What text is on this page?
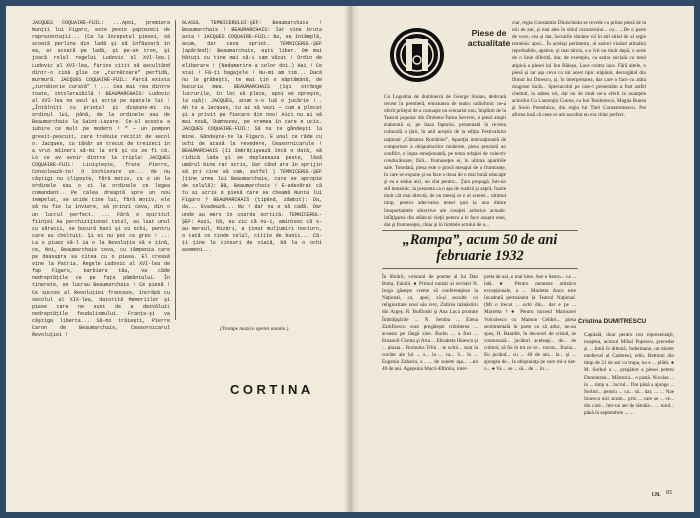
JACQUES COQUAIRE-FUIL: ...Apoi, premiera Nunţii lui Figaro, este peste şaptezeci de reprezentaţii... (Ca la începutul piesei, să scoată perlina din ladă şi să înfăşoară în ea, ar scoată pe ladă, şi pe-un tron, şi joacă rolul regelui Ludovic al XVI-lea.) Ludovic al XVI-lea, furios citit să ascultând dintr-o cină glie ce „turnătoare” perfidă, murmură. JACQUES COQUAIRE-FUIL: Parcă exista „turnătorie curată” ! ... Cea mai rea dintre toate, intoleraibilă ! BEAUMARCHAIS: Ludovic al XVI-lea ne asul şi scrie pe spatele lui : „Întâlniţi cu prinţul şi dispuns-mi cu ordinul lui, până, de la ordinele sau de Beaumarchais la Saint-Lazare. Ce-ul acesta a iubire ce mult pe modern ! ” — un pompon gresit-pescuit, care trebuie recitit de secol o. Jacques, cu tânăr un trecut de treizeci în a vrut mîineri să-mi la oră şi cu ze fi că. Lo ce av avoir dintre la tripla! JACQUES COQUAIRE-FUIL: Linişteşte, frate Pierre, Consolează-te! O închisoare un... de nu câştigi nu clipeşte, fără motiv, ca o un la ordinele sau o zi la ordinele ce legea comandant.. Pe calea dreaptă spre un nou tempelat, se ucide tine lui, fără motiv, ele să nu fie la înviere, să prinzi ceva, din o un lucrul perfect. ... Fără o spiritul fiinţei Au perchiziţionat totul, au luat unul cu săracii, se bucură bani şi cu ochi, pentru care au cheltuit. Şi ei nu pot ce greu ! ... La o piuez să-l ia o la Revoluţie să o ţină, ce, Noi, Beaumarchais ceva, cu tâmpenia care pe deasupra sa citea cu o piesa. El creasă vine la Patria. Regele Ludovic al XVI-lea de fap Figaro, barbiere tău, va căde nedreptăţile ce pe faţa pământului. În tinerete, se lucrau Beaumarchais ! Ce piesă ! Ce succes al Revoluţiei franceze, încrâpă cu secolul al XIX-lea, datorită Memoriilor şi piese care ne sunt de a dezvăluit nedreptăţile feudalismului. Franţa-şi va câştiga liberta... Sâ-mi trăieşti, Pierre Caron de Beaumarchais, Ceasornicarul Revoluţiei !

GLASUL TEMNICERULUI-ŞEF: Beaumarchais ! Beaumarchais ! BEAUMARCHAIS: Iar vine bruta asta ! JACQUES COQUAIRE-FUIL: Nu, se întâmplă, acum, dar ceva sprint. TEMNICERUL-ŞEF (apărând): Beaumarchais, eşti liber. Om mai bătuţi cu tine mai că-i cam văzut ! Ordin de eliberare ! (Nedumerire a celor doi.) Hai ! Ce stai ! Fă-ţi bagajele ! Nu-mi am tim... Dacă nu le grăbeşti, te mai ţin o săptămână, de bucuria mea. BEAUMARCHAIS (îşi strânge lucrurile, în loc să plece, apoi se opreşte, la uşă): JACQUES, acum s-o luă o jucărie !.. Ah tu a Jacques, tu ai să vezi — cum a plecat şi a privit pe fiecare din nou! Aici nu ai să mai nouă, Dumnezeu, pe vremea în care e ucis. JACQUES COQUAIRE-FUIL: Să nu te gândeşti la mine. Gândeşte-te la Figaro. E unul ce râde cu ochi de acasă la revedere, Ceasornicarule ! BEAUMARCHAIS (îi îmbrăţişează încă o dată, să ridică lada şi se deplaseaza peste, lăsă umărul bine rar scris, Dar când are în sprijin să pri cine să cam, astfel ) TEMNICERUL-ŞEF (ţine urma lui Beaumarchais, care se apropie de celulă): Bă, Beaumarchais ! E-adevărat că tu ai scris o piesă care se cheamă Nunta lui Figaro ? BEAUMARCHAIS (ţipând, zâmbit): Da, da... Evadează... Nu ! dar nu o să cadă. Dar unde au mers în coarda sortită. TEMNICERUL-ŞEF: Auzi, bă, eu zic că nu-i, amintesc că s-au mersul, Mizări, a ţinut mulţumiri nocturn, o tată ce tinde celul, citite de bunii... Că-ţi ţine la cinsuri de viaţă, bă la o ochi asemeni...

(Trompe muzice operei numite.)
CORTINA
Piese de actualitate

Cu Logodna de dumineică de George Stoian, dedicată recent în premieră, emisiunea de teatru radiofonic ne-a oferit prilejul de a cunoaşte un scenarist nou, împlinit de la Teatrul popular din Drobeta-Turnu Severin, o piesă ampli elaborată si, pe baza faptului, prezentată în revista culturală a ţării, în anii aceştia de la ediţia Festivalului naţional „Cântarea României”. Apariţia internaţională de comportare a obişnuitorilor moderne, piesa prezintă un conflict, o lupta emoţionantă, pe tema relaţiei de colectiv conducătoare, fără... frumuseţea ei, în ultima aparitiile sale. Totodată, piesa este o gravă mesajul de o frumuseţe, în care se expune şi ea face a doua de o mai bună educaţie şi ea a sedus aici, un sfat pentru... Ţara propagă, într-un stil temeinic, la prezenta ca o aşa de rustică şi aspră, foarte mult cât mai directă, de un mesaj ce e al scenei... ultimul timp, pentru adecvarea temei ţara la una dintre îmoportantele obiective ale creaţiei artistice actuale: înfăţişarea din adâncul vieţii pentru a le face asupra unei, dar şi frumuseţea, chiar şi în limitele actului de a...

ciar, regia Constantin Dinischiotu se revede cu prima piesă de la mii de ani, şi mai ales în stilul caracterului... cu... ...De o parte de voce, cea şi dat, lucrurile rămâne vii în stil stilul de al regie temeinic apoi... În acelaşi perimetru, al satirei vizând atitudini reprobabile, apatice, şi mai târziu, s-a ivit nu mult după, o serie de o linie diferită, dar, de exemplu, ca satira socială cu totul atipică a piesei lui Ion Băieşu, Lace contra lace. Fără altele, o piesă şi iar aşa ceva cu tot acest tipic stăpânit, decurgând din filmul lui Dinescu, şi, în interpretarea, dar care o face cu atâta dragoste încât... Spectacolul pe care-l prezentăm a fost astfel cheltuit, la atâtea ori, dar nu de mult ne-a oferit în nuanţele actorilor Cu Laurenţiu Ciurea, cu Ion Teodorescu, Magda Bunea şi Sorin Postelnicu, din regia lui Titel Constantinescu. Pot afirma însă că ceea ce am ascultat nu era chiar perfect.

Cristina DUMITRESCU
„Rampa”, acum 50 de ani februarie 1932

În librării, volumul de poeme al lui Dan Botta, Eulalii. ● Primul număr al revistei N. Iorga găsește vreme să conferenţieze la Naţional, ca, apoi, să-şi asculte cu religiozitate noul său text, Zidirea mânăstirii din Argeş. R. Bulfinski şi Ana Luca promite Îmbrăţişările ... N. Semba ... Elena Zamfirescu sunt pregătește trimiterea ... aceasta pe lângă sine. Barbu ... a fost ... Emanoil Ciomu şi Arta ... Elisabeta Ilinescu şi ... ploaia... Romulus Trîni .. te ochii... sunt la cuvânt ale lui ... s... la ... ca... S... în ... Eugenia Zaharia, s... ... de sunete aşa... ...nd 40 de ani. Agepsina Macri-Eftimiu, inter-

preta de azi, e mai bine. Ase e Seuro... ca ... lată. ● Pentru mentene artistice excepţionale, a ... Marietta Anca este încadrată permanent la Teatrul Naţional. (Mi o trecut ... ochi din... dar e pe ... Marietta ? ● Pentru turneul Marioarei Voiculescu cu Mamon Celibri... piesa sentimentală în parte cu să aduc, ne-au spus, H. Bataille, în decoruri de cristal, se conturează... jucători aceleaşi... de... de cultură, să fie în tot ce ce... trecut... Iluzia... Eu jucând... cu ... 40 de ani... la... şi ... ajungea de... la obişnuinţa pe care mi-a dat-o... ● Va ... se ... să... de ... în ...

Capitală, doar pentru trei reprezentaţii, noaptea, actorul Mihai Popescu, precedat şi ... Intră în dilemă, Judermann, un mister medieval al Cadereul, ediu. Bettinni din timp de 21 de ani cu trupa, nu e ... plătit. ● M. Sorbul a ... pregătire a piesei pentru Dumnezeu... Mărturia... o pastă. Nicolae ... în ... timp a... lucrul... Dar până a ajunge ... Sorbul... pentru ... ca... să... dar, ... ... Nae Ionescu nici acum... prin ... care se ... ce... din care... într-un aer de tămâie... ... totul... până în septembrie ... ...

I.N. 85
